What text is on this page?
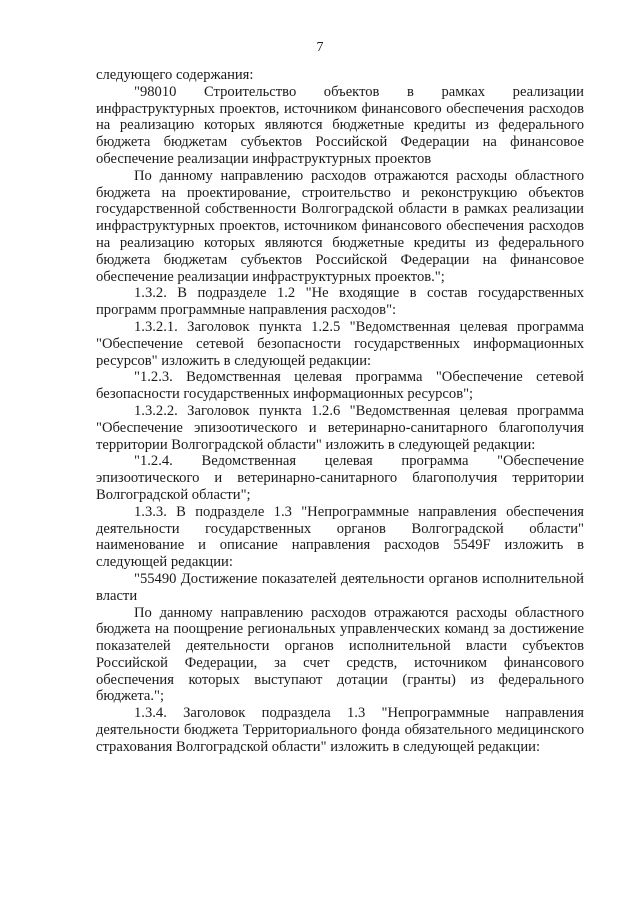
7

следующего содержания:

"98010 Строительство объектов в рамках реализации инфраструктурных проектов, источником финансового обеспечения расходов на реализацию которых являются бюджетные кредиты из федерального бюджета бюджетам субъектов Российской Федерации на финансовое обеспечение реализации инфраструктурных проектов

По данному направлению расходов отражаются расходы областного бюджета на проектирование, строительство и реконструкцию объектов государственной собственности Волгоградской области в рамках реализации инфраструктурных проектов, источником финансового обеспечения расходов на реализацию которых являются бюджетные кредиты из федерального бюджета бюджетам субъектов Российской Федерации на финансовое обеспечение реализации инфраструктурных проектов.";

1.3.2. В подразделе 1.2 "Не входящие в состав государственных программ программные направления расходов":

1.3.2.1. Заголовок пункта 1.2.5 "Ведомственная целевая программа "Обеспечение сетевой безопасности государственных информационных ресурсов" изложить в следующей редакции:

"1.2.3. Ведомственная целевая программа "Обеспечение сетевой безопасности государственных информационных ресурсов";

1.3.2.2. Заголовок пункта 1.2.6 "Ведомственная целевая программа "Обеспечение эпизоотического и ветеринарно-санитарного благополучия территории Волгоградской области" изложить в следующей редакции:

"1.2.4. Ведомственная целевая программа "Обеспечение эпизоотического и ветеринарно-санитарного благополучия территории Волгоградской области";

1.3.3. В подразделе 1.3 "Непрограммные направления обеспечения деятельности государственных органов Волгоградской области" наименование и описание направления расходов 5549F изложить в следующей редакции:

"55490 Достижение показателей деятельности органов исполнительной власти

По данному направлению расходов отражаются расходы областного бюджета на поощрение региональных управленческих команд за достижение показателей деятельности органов исполнительной власти субъектов Российской Федерации, за счет средств, источником финансового обеспечения которых выступают дотации (гранты) из федерального бюджета.";

1.3.4. Заголовок подраздела 1.3 "Непрограммные направления деятельности бюджета Территориального фонда обязательного медицинского страхования Волгоградской области" изложить в следующей редакции:
